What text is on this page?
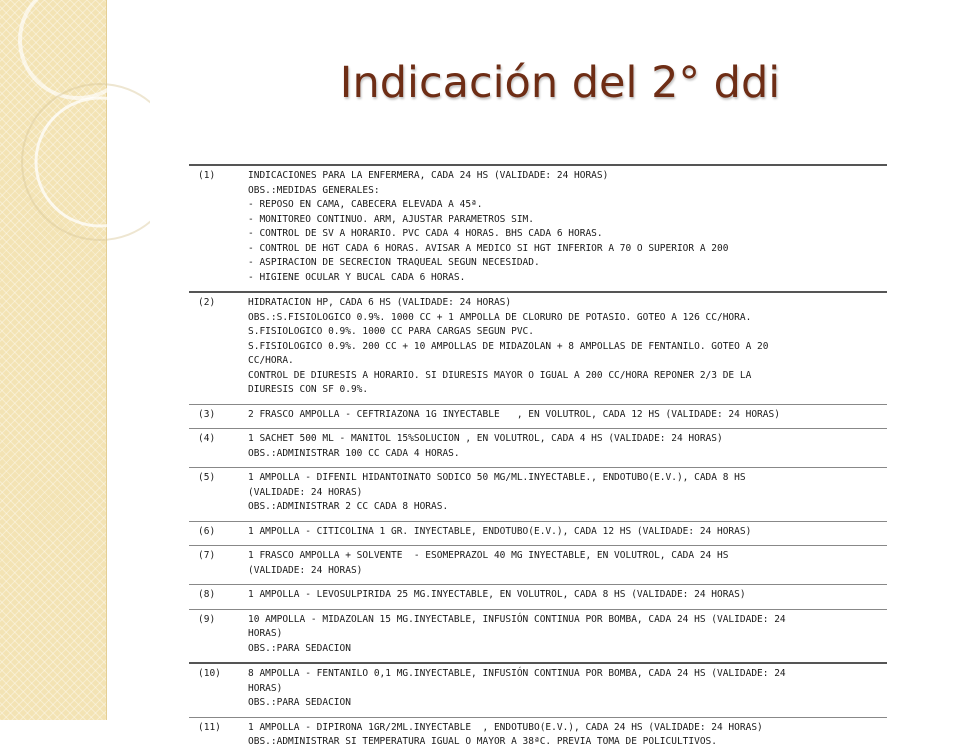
Indicación del 2° ddi
(1)	INDICACIONES PARA LA ENFERMERA, CADA 24 HS (VALIDADE: 24 HORAS)
OBS.:MEDIDAS GENERALES:
- REPOSO EN CAMA, CABECERA ELEVADA A 45ª.
- MONITOREO CONTINUO. ARM, AJUSTAR PARAMETROS SIM.
- CONTROL DE SV A HORARIO. PVC CADA 4 HORAS. BHS CADA 6 HORAS.
- CONTROL DE HGT CADA 6 HORAS. AVISAR A MEDICO SI HGT INFERIOR A 70 O SUPERIOR A 200
- ASPIRACION DE SECRECION TRAQUEAL SEGUN NECESIDAD.
- HIGIENE OCULAR Y BUCAL CADA 6 HORAS.
(2)	HIDRATACION HP, CADA 6 HS (VALIDADE: 24 HORAS)
OBS.:S.FISIOLOGICO 0.9%. 1000 CC + 1 AMPOLLA DE CLORURO DE POTASIO. GOTEO A 126 CC/HORA.
S.FISIOLOGICO 0.9%. 1000 CC PARA CARGAS SEGUN PVC.
S.FISIOLOGICO 0.9%. 200 CC + 10 AMPOLLAS DE MIDAZOLAN + 8 AMPOLLAS DE FENTANILO. GOTEO A 20
CC/HORA.
CONTROL DE DIURESIS A HORARIO. SI DIURESIS MAYOR O IGUAL A 200 CC/HORA REPONER 2/3 DE LA
DIURESIS CON SF 0.9%.
(3)	2 FRASCO AMPOLLA - CEFTRIAZONA 1G INYECTABLE   , EN VOLUTROL, CADA 12 HS (VALIDADE: 24 HORAS)
(4)	1 SACHET 500 ML - MANITOL 15%SOLUCION , EN VOLUTROL, CADA 4 HS (VALIDADE: 24 HORAS)
OBS.:ADMINISTRAR 100 CC CADA 4 HORAS.
(5)	1 AMPOLLA - DIFENIL HIDANTOINATO SODICO 50 MG/ML.INYECTABLE., ENDOTUBO(E.V.), CADA 8 HS
(VALIDADE: 24 HORAS)
OBS.:ADMINISTRAR 2 CC CADA 8 HORAS.
(6)	1 AMPOLLA - CITICOLINA 1 GR. INYECTABLE, ENDOTUBO(E.V.), CADA 12 HS (VALIDADE: 24 HORAS)
(7)	1 FRASCO AMPOLLA + SOLVENTE  - ESOMEPRAZOL 40 MG INYECTABLE, EN VOLUTROL, CADA 24 HS
(VALIDADE: 24 HORAS)
(8)	1 AMPOLLA - LEVOSULPIRIDA 25 MG.INYECTABLE, EN VOLUTROL, CADA 8 HS (VALIDADE: 24 HORAS)
(9)	10 AMPOLLA - MIDAZOLAN 15 MG.INYECTABLE, INFUSIÓN CONTINUA POR BOMBA, CADA 24 HS (VALIDADE: 24
HORAS)
OBS.:PARA SEDACION
(10)	8 AMPOLLA - FENTANILO 0,1 MG.INYECTABLE, INFUSIÓN CONTINUA POR BOMBA, CADA 24 HS (VALIDADE: 24
HORAS)
OBS.:PARA SEDACION
(11)	1 AMPOLLA - DIPIRONA 1GR/2ML.INYECTABLE  , ENDOTUBO(E.V.), CADA 24 HS (VALIDADE: 24 HORAS)
OBS.:ADMINISTRAR SI TEMPERATURA IGUAL O MAYOR A 38ªC. PREVIA TOMA DE POLICULTIVOS.
